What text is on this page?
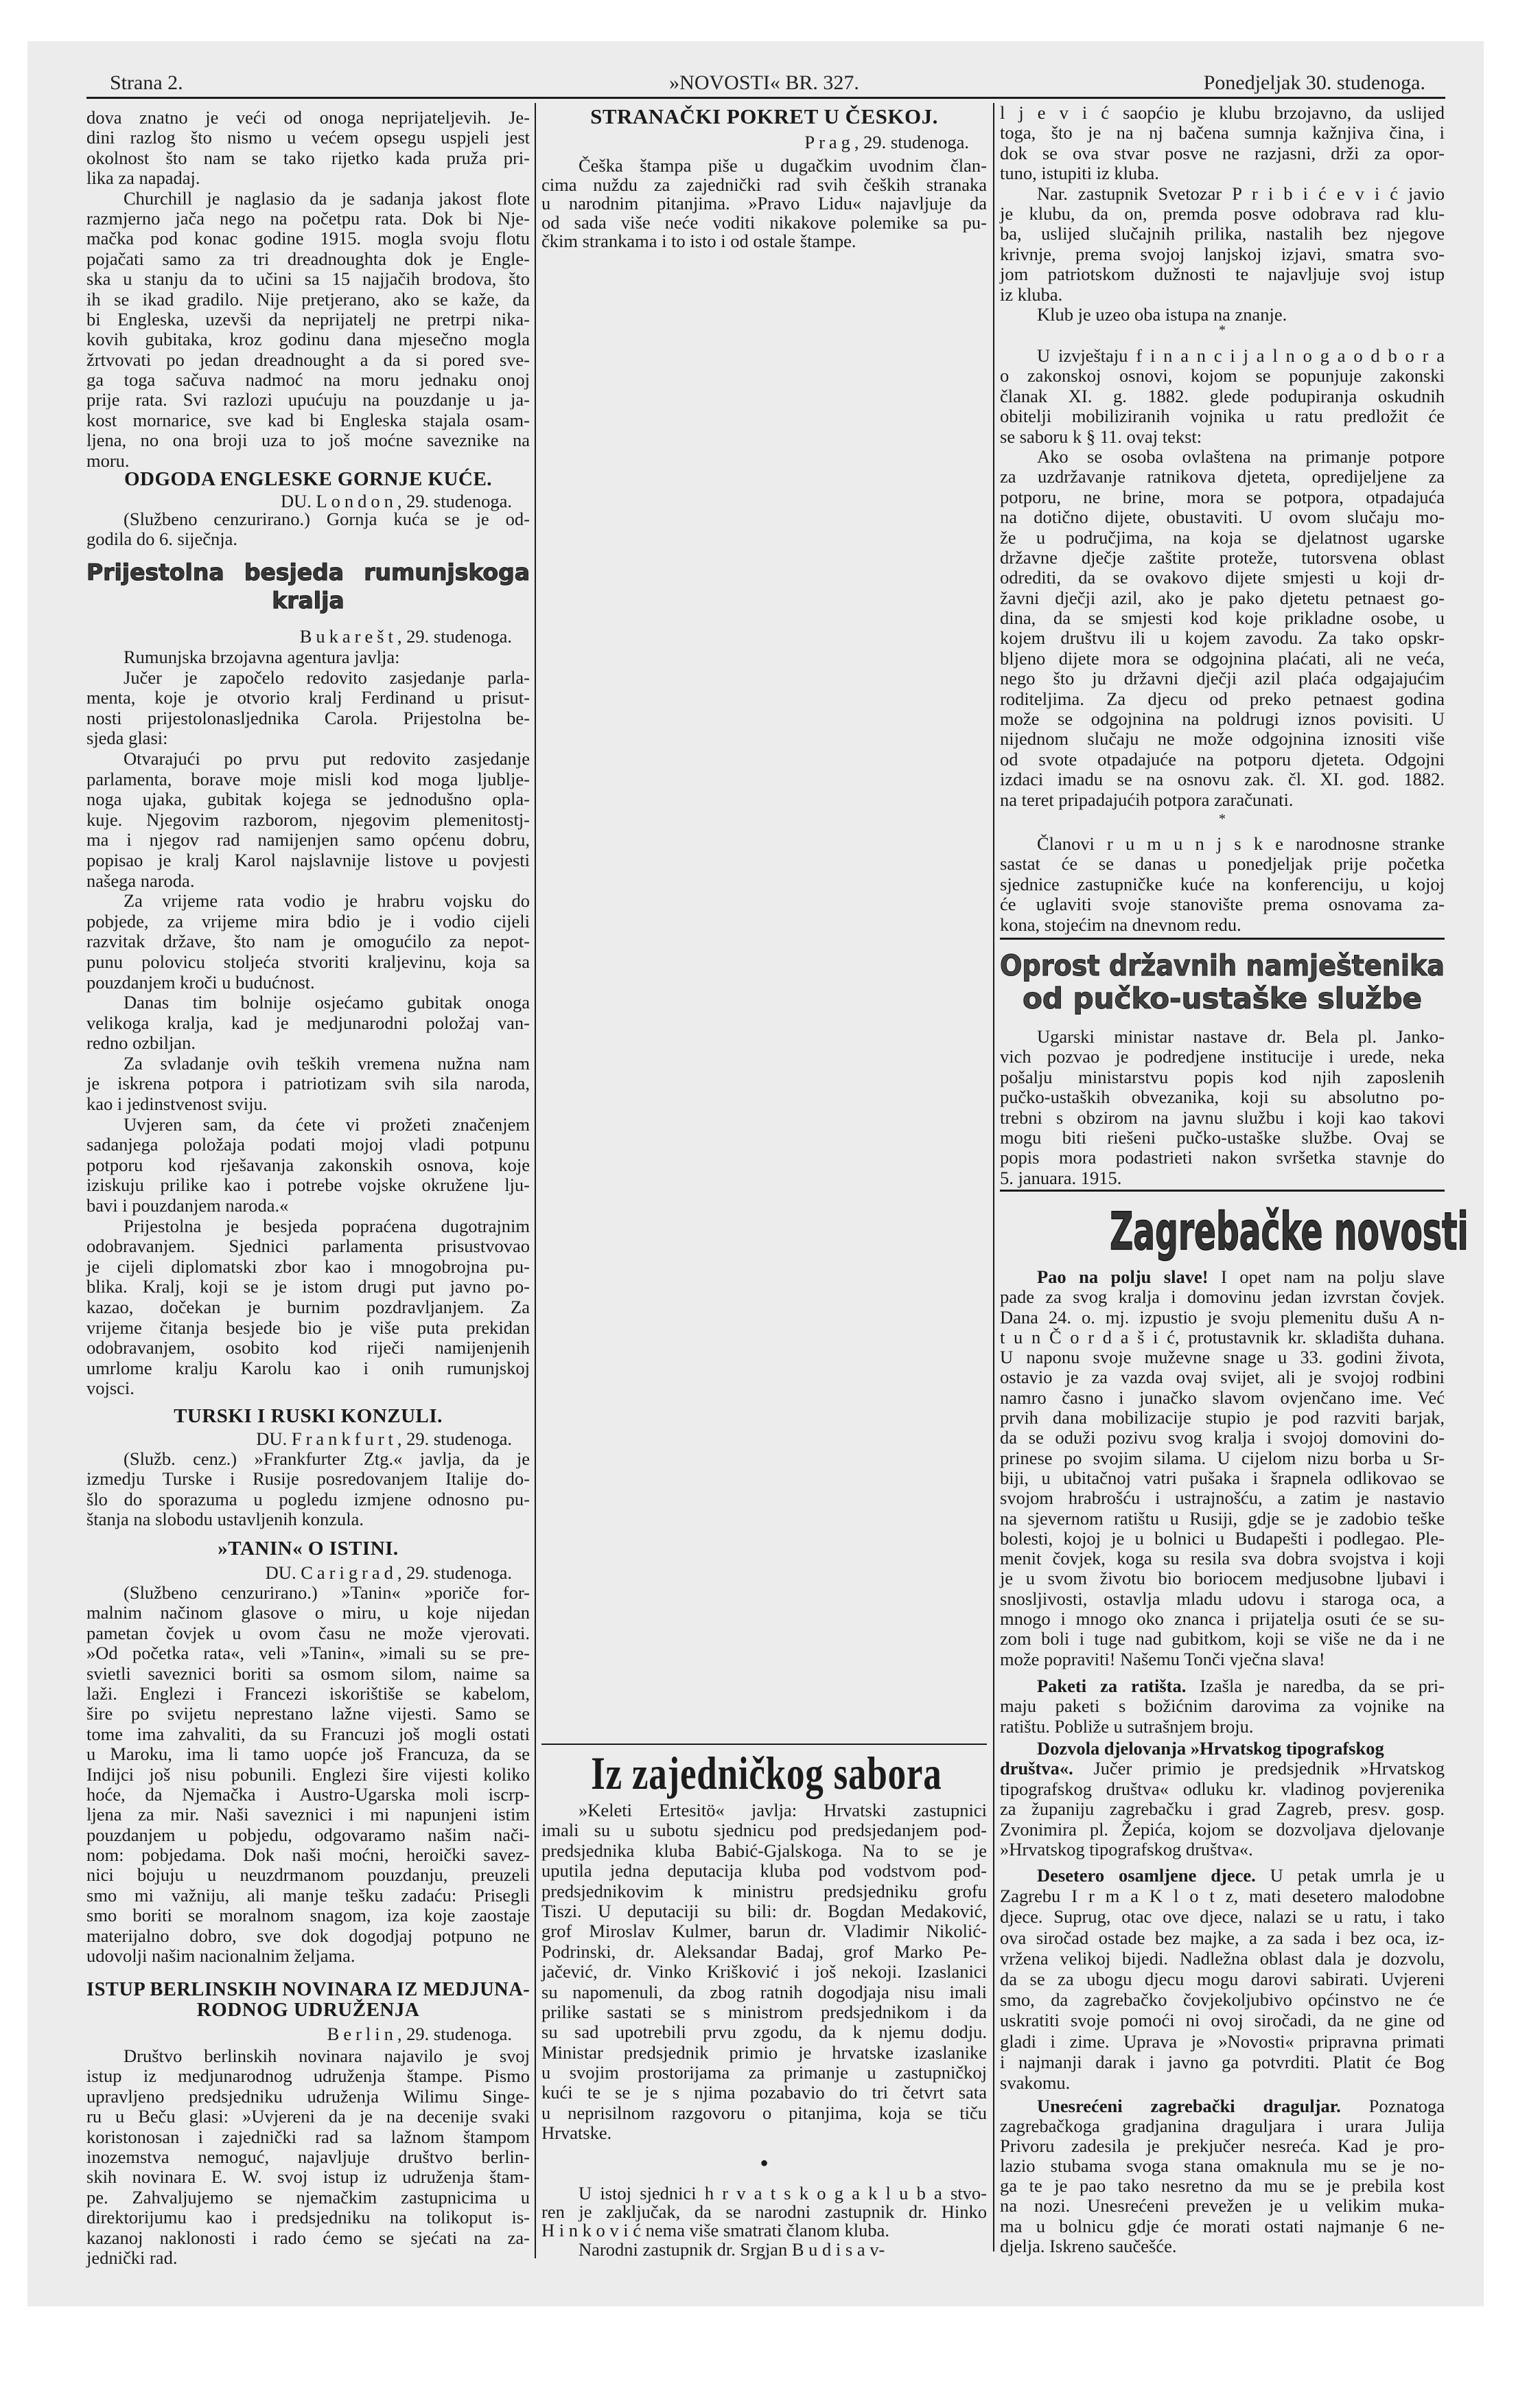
Strana 2.	»NOVOSTI« BR. 327.	Ponedjeljak 30. studenoga.
dova znatno je veći od onoga neprijateljevih. Je-
dini razlog što nismo u većem opsegu uspjeli jest
okolnost što nam se tako rijetko kada pruža pri-
lika za napadaj.
Churchill je naglasio da je sadanja jakost flote
razmjerno jača nego na početpu rata. Dok bi Nje-
mačka pod konac godine 1915. mogla svoju flotu
pojačati samo za tri dreadnoughta dok je Engle-
ska u stanju da to učini sa 15 najjačih brodova, što
ih se ikad gradilo. Nije pretjerano, ako se kaže, da
bi Engleska, uzevši da neprijatelj ne pretrpi nika-
kovih gubitaka, kroz godinu dana mjesečno mogla
žrtvovati po jedan dreadnought a da si pored sve-
ga toga sačuva nadmoć na moru jednaku onoj
prije rata. Svi razlozi upućuju na pouzdanje u ja-
kost mornarice, sve kad bi Engleska stajala osam-
ljena, no ona broji uza to još moćne saveznike na
moru.
ODGODA ENGLESKE GORNJE KUĆE.
DU. London, 29. studenoga.
(Službeno cenzurirano.) Gornja kuća se je od-
godila do 6. siječnja.
Prijestolna besjeda rumunjskoga
kralja
Bukarešt, 29. studenoga.
Rumunjska brzojavna agentura javlja:
Jučer je započelo redovito zasjedanje parla-
menta, koje je otvorio kralj Ferdinand u prisut-
nosti prijestolonasljednika Carola. Prijestolna be-
sjeda glasi:
Otvarajući po prvu put redovito zasjedanje
parlamenta, borave moje misli kod moga ljublje-
noga ujaka, gubitak kojega se jednodušno opla-
kuje. Njegovim razborom, njegovim plemenitostj-
ma i njegov rad namijenjen samo općenu dobru,
popisao je kralj Karol najslavnije listove u povjesti
našega naroda.
Za vrijeme rata vodio je hrabru vojsku do
pobjede, za vrijeme mira bdio je i vodio cijeli
razvitak države, što nam je omogućilo za nepot-
punu polovicu stoljeća stvoriti kraljevinu, koja sa
pouzdanjem kroči u budućnost.
Danas tim bolnije osjećamo gubitak onoga
velikoga kralja, kad je medjunarodni položaj van-
redno ozbiljan.
Za svladanje ovih teških vremena nužna nam
je iskrena potpora i patriotizam svih sila naroda,
kao i jedinstvenost sviju.
Uvjeren sam, da ćete vi prožeti značenjem
sadanjega položaja podati mojoj vladi potpunu
potporu kod rješavanja zakonskih osnova, koje
iziskuju prilike kao i potrebe vojske okružene lju-
bavi i pouzdanjem naroda.«
Prijestolna je besjeda popraćena dugotrajnim
odobravanjem. Sjednici parlamenta prisustvovao
je cijeli diplomatski zbor kao i mnogobrojna pu-
blika. Kralj, koji se je istom drugi put javno po-
kazao, dočekan je burnim pozdravljanjem. Za
vrijeme čitanja besjede bio je više puta prekidan
odobravanjem, osobito kod riječi namijenjenih
umrlome kralju Karolu kao i onih rumunjskoj
vojsci.
TURSKI I RUSKI KONZULI.
DU. Frankfurt, 29. studenoga.
(Služb. cenz.) »Frankfurter Ztg.« javlja, da je
izmedju Turske i Rusije posredovanjem Italije do-
šlo do sporazuma u pogledu izmjene odnosno pu-
štanja na slobodu ustavljenih konzula.
»TANIN« O ISTINI.
DU. Carigrad, 29. studenoga.
(Službeno cenzurirano.) »Tanin« »poriče for-
malnim načinom glasove o miru, u koje nijedan
pametan čovjek u ovom času ne može vjerovati.
»Od početka rata«, veli »Tanin«, »imali su se pre-
svietli saveznici boriti sa osmom silom, naime sa
laži. Englezi i Francezi iskorištiše se kabelom,
šire po svijetu neprestano lažne vijesti. Samo se
tome ima zahvaliti, da su Francuzi još mogli ostati
u Maroku, ima li tamo uopće još Francuza, da se
Indijci još nisu pobunili. Englezi šire vijesti koliko
hoće, da Njemačka i Austro-Ugarska moli iscrp-
ljena za mir. Naši saveznici i mi napunjeni istim
pouzdanjem u pobjedu, odgovaramo našim nači-
nom: pobjedama. Dok naši moćni, heroički savez-
nici bojuju u neuzdrmanom pouzdanju, preuzeli
smo mi važniju, ali manje tešku zadaću: Prisegli
smo boriti se moralnom snagom, iza koje zaostaje
materijalno dobro, sve dok dogodjaj potpuno ne
udovolji našim nacionalnim željama.
ISTUP BERLINSKIH NOVINARA IZ MEDJUNA-
RODNOG UDRUŽENJA
Berlin, 29. studenoga.
Društvo berlinskih novinara najavilo je svoj
istup iz medjunarodnog udruženja štampe. Pismo
upravljeno predsjedniku udruženja Wilimu Singe-
ru u Beču glasi: »Uvjereni da je na decenije svaki
koristonosan i zajednički rad sa lažnom štampom
inozemstva nemoguć, najavljuje društvo berlin-
skih novinara E. W. svoj istup iz udruženja štam-
pe. Zahvaljujemo se njemačkim zastupnicima u
direktorijumu kao i predsjedniku na tolikoput is-
kazanoj naklonosti i rado ćemo se sjećati na za-
jednički rad.
STRANAČKI POKRET U ČESKOJ.
Prag, 29. studenoga.
Češka štampa piše u dugačkim uvodnim član-
cima nuždu za zajednički rad svih čeških stranaka
u narodnim pitanjima. »Pravo Lidu« najavljuje da
od sada više neće voditi nikakove polemike sa pu-
čkim strankama i to isto i od ostale štampe.
Iz zajedničkog sabora
»Keleti Ertesitö« javlja: Hrvatski zastupnici
imali su u subotu sjednicu pod predsjedanjem pod-
predsjednika kluba Babić-Gjalskoga. Na to se je
uputila jedna deputacija kluba pod vodstvom pod-
predsjednikovim k ministru predsjedniku grofu
Tiszi. U deputaciji su bili: dr. Bogdan Medaković,
grof Miroslav Kulmer, barun dr. Vladimir Nikolić-
Podrinski, dr. Aleksandar Badaj, grof Marko Pe-
jačević, dr. Vinko Krišković i još nekoji. Izaslanici
su napomenuli, da zbog ratnih dogodjaja nisu imali
prilike sastati se s ministrom predsjednikom i da
su sad upotrebili prvu zgodu, da k njemu dodju.
Ministar predsjednik primio je hrvatske izaslanike
u svojim prostorijama za primanje u zastupničkoj
kući te se je s njima pozabavio do tri četvrt sata
u neprisilnom razgovoru o pitanjima, koja se tiču
Hrvatske.
●
U istoj sjednici h r v a t s k o g a k l u b a stvo-
ren je zaključak, da se narodni zastupnik dr. Hinko
H i n k o v i ć nema više smatrati članom kluba.
Narodni zastupnik dr. Srgjan B u d i s a v-
l j e v i ć saopćio je klubu brzojavno, da uslijed
toga, što je na nj bačena sumnja kažnjiva čina, i
dok se ova stvar posve ne razjasni, drži za opor-
tuno, istupiti iz kluba.
Nar. zastupnik Svetozar P r i b i ć e v i ć javio
je klubu, da on, premda posve odobrava rad klu-
ba, uslijed slučajnih prilika, nastalih bez njegove
krivnje, prema svojoj lanjskoj izjavi, smatra svo-
jom patriotskom dužnosti te najavljuje svoj istup
iz kluba.
Klub je uzeo oba istupa na znanje.
*
U izvještaju f i n a n c i j a l n o g a o d b o r a
o zakonskoj osnovi, kojom se popunjuje zakonski
članak XI. g. 1882. glede podupiranja oskudnih
obitelji mobiliziranih vojnika u ratu predložit će
se saboru k § 11. ovaj tekst:
Ako se osoba ovlaštena na primanje potpore
za uzdržavanje ratnikova djeteta, opredijeljene za
potporu, ne brine, mora se potpora, otpadajuća
na dotično dijete, obustaviti. U ovom slučaju mo-
že u područjima, na koja se djelatnost ugarske
državne dječje zaštite proteže, tutorsvena oblast
odrediti, da se ovakovo dijete smjesti u koji dr-
žavni dječji azil, ako je pako djetetu petnaest go-
dina, da se smjesti kod koje prikladne osobe, u
kojem društvu ili u kojem zavodu. Za tako opskr-
bljeno dijete mora se odgojnina plaćati, ali ne veća,
nego što ju državni dječji azil plaća odgajajućim
roditeljima. Za djecu od preko petnaest godina
može se odgojnina na poldrugi iznos povisiti. U
nijednom slučaju ne može odgojnina iznositi više
od svote otpadajuće na potporu djeteta. Odgojni
izdaci imadu se na osnovu zak. čl. XI. god. 1882.
na teret pripadajućih potpora zaračunati.
*
Članovi r u m u n j s k e narodnosne stranke
sastat će se danas u ponedjeljak prije početka
sjednice zastupničke kuće na konferenciju, u kojoj
će uglaviti svoje stanovište prema osnovama za-
kona, stojećim na dnevnom redu.
Oprost državnih namještenika
od pučko-ustaške službe
Ugarski ministar nastave dr. Bela pl. Janko-
vich pozvao je podredjene institucije i urede, neka
pošalju ministarstvu popis kod njih zaposlenih
pučko-ustaških obvezanika, koji su absolutno po-
trebni s obzirom na javnu službu i koji kao takovi
mogu biti riešeni pučko-ustaške službe. Ovaj se
popis mora podastrieti nakon svršetka stavnje do
5. januara. 1915.
Zagrebačke novosti
Pao na polju slave! I opet nam na polju slave
pade za svog kralja i domovinu jedan izvrstan čovjek.
Dana 24. o. mj. izpustio je svoju plemenitu dušu A n-
t u n Č o r d a š i ć, protustavnik kr. skladišta duhana.
U naponu svoje muževne snage u 33. godini života,
ostavio je za vazda ovaj svijet, ali je svojoj rodbini
namro časno i junačko slavom ovjenčano ime. Već
prvih dana mobilizacije stupio je pod razviti barjak,
da se oduži pozivu svog kralja i svojoj domovini do-
prinese po svojim silama. U cijelom nizu borba u Sr-
biji, u ubitačnoj vatri pušaka i šrapnela odlikovao se
svojom hrabrošću i ustrajnošću, a zatim je nastavio
na sjevernom ratištu u Rusiji, gdje se je zadobio teške
bolesti, kojoj je u bolnici u Budapešti i podlegao. Ple-
menit čovjek, koga su resila sva dobra svojstva i koji
je u svom životu bio boriocem medjusobne ljubavi i
snosljivosti, ostavlja mladu udovu i staroga oca, a
mnogo i mnogo oko znanca i prijatelja osuti će se su-
zom boli i tuge nad gubitkom, koji se više ne da i ne
može popraviti! Našemu Tonči vječna slava!
Paketi za ratišta. Izašla je naredba, da se pri-
maju paketi s božićnim darovima za vojnike na
ratištu. Pobliže u sutrašnjem broju.
Dozvola djelovanja »Hrvatskog tipografskog
društva«. Jučer primio je predsjednik »Hrvatskog
tipografskog društva« odluku kr. vladinog povjerenika
za županiju zagrebačku i grad Zagreb, presv. gosp.
Zvonimira pl. Žepića, kojom se dozvoljava djelovanje
»Hrvatskog tipografskog društva«.
Desetero osamljene djece. U petak umrla je u
Zagrebu I r m a K l o t z, mati desetero malodobne
djece. Suprug, otac ove djece, nalazi se u ratu, i tako
ova siročad ostade bez majke, a za sada i bez oca, iz-
vržena velikoj bijedi. Nadležna oblast dala je dozvolu,
da se za ubogu djecu mogu darovi sabirati. Uvjereni
smo, da zagrebačko čovjekoljubivo općinstvo ne će
uskratiti svoje pomoći ni ovoj siročadi, da ne gine od
gladi i zime. Uprava je »Novosti« pripravna primati
i najmanji darak i javno ga potvrditi. Platit će Bog
svakomu.
Unesrećeni zagrebački draguljar. Poznatoga
zagrebačkoga gradjanina draguljara i urara Julija
Privoru zadesila je prekjučer nesreća. Kad je pro-
lazio stubama svoga stana omaknula mu se je no-
ga te je pao tako nesretno da mu se je prebila kost
na nozi. Unesrećeni prevežen je u velikim muka-
ma u bolnicu gdje će morati ostati najmanje 6 ne-
djelja. Iskreno saučešće.
